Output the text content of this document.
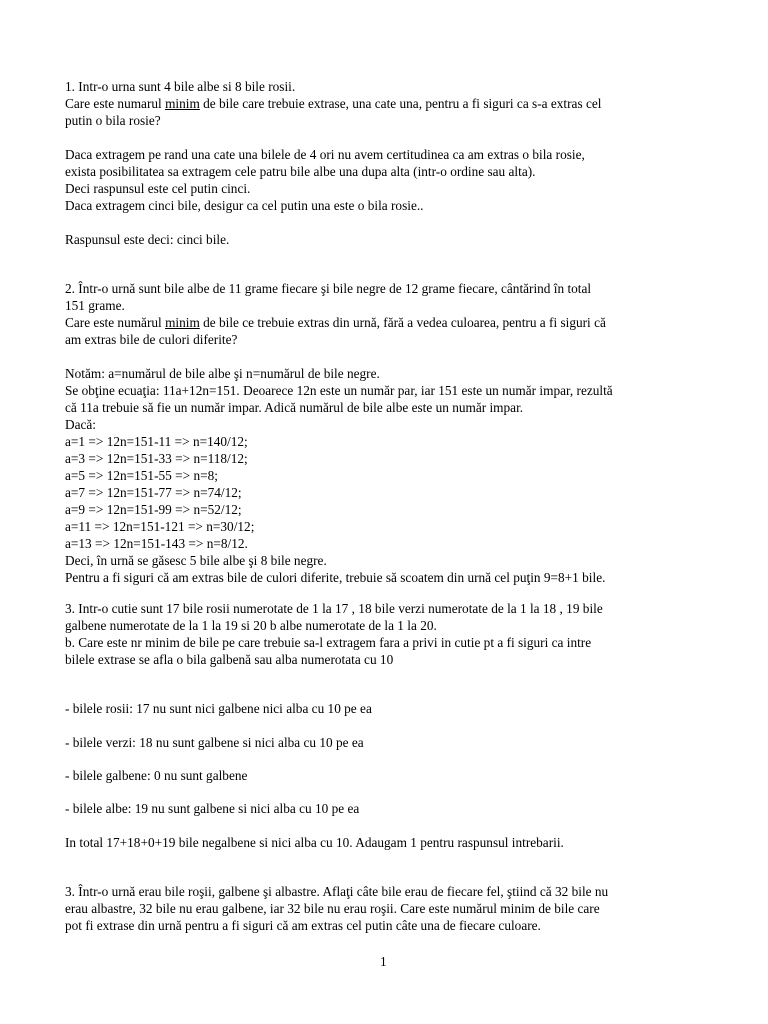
1. Intr-o urna sunt 4 bile albe si 8 bile rosii.
Care este numarul minim de bile care trebuie extrase, una cate una, pentru a fi siguri ca s-a extras cel
putin o bila rosie?
Daca extragem pe rand una cate una bilele de 4 ori nu avem certitudinea ca am extras o bila rosie,
exista posibilitatea sa extragem cele patru bile albe una dupa alta (intr-o ordine sau alta).
Deci raspunsul este cel putin cinci.
Daca extragem cinci bile, desigur ca cel putin una este o bila rosie..
Raspunsul este deci: cinci bile.
2. Într-o urnă sunt bile albe de 11 grame fiecare şi bile negre de 12 grame fiecare, cântărind în total
151 grame.
Care este numărul minim de bile ce trebuie extras din urnă, fără a vedea culoarea, pentru a fi siguri că
am extras bile de culori diferite?
Notăm: a=numărul de bile albe şi n=numărul de bile negre.
Se obţine ecuaţia: 11a+12n=151. Deoarece 12n este un număr par, iar 151 este un număr impar, rezultă
că 11a trebuie să fie un număr impar. Adică numărul de bile albe este un număr impar.
Dacă:
a=1 => 12n=151-11 => n=140/12;
a=3 => 12n=151-33 => n=118/12;
a=5 => 12n=151-55 => n=8;
a=7 => 12n=151-77 => n=74/12;
a=9 => 12n=151-99 => n=52/12;
a=11 => 12n=151-121 => n=30/12;
a=13 => 12n=151-143 => n=8/12.
Deci, în urnă se găsesc 5 bile albe şi 8 bile negre.
Pentru a fi siguri că am extras bile de culori diferite, trebuie să scoatem din urnă cel puţin 9=8+1 bile.
3. Intr-o cutie sunt 17 bile rosii numerotate de 1 la 17 , 18 bile verzi numerotate de la 1 la 18 , 19 bile
galbene numerotate de la 1 la 19 si 20 b albe numerotate de la 1 la 20.
b. Care este nr minim de bile pe care trebuie sa-l extragem fara a privi in cutie pt a fi siguri ca intre
bilele extrase se afla o bila galbenă sau alba numerotata cu 10
- bilele rosii: 17 nu sunt nici galbene nici alba cu 10 pe ea
- bilele verzi: 18 nu sunt galbene si nici alba cu 10 pe ea
- bilele galbene: 0 nu sunt galbene
- bilele albe: 19 nu sunt galbene si nici alba cu 10 pe ea
In total 17+18+0+19 bile negalbene si nici alba cu 10. Adaugam 1 pentru raspunsul intrebarii.
3. Într-o urnă erau bile roşii, galbene şi albastre. Aflaţi câte bile erau de fiecare fel, ştiind că 32 bile nu
erau albastre, 32 bile nu erau galbene, iar 32 bile nu erau roşii. Care este numărul minim de bile care
pot fi extrase din urnă pentru a fi siguri că am extras cel putin câte una de fiecare culoare.
1
